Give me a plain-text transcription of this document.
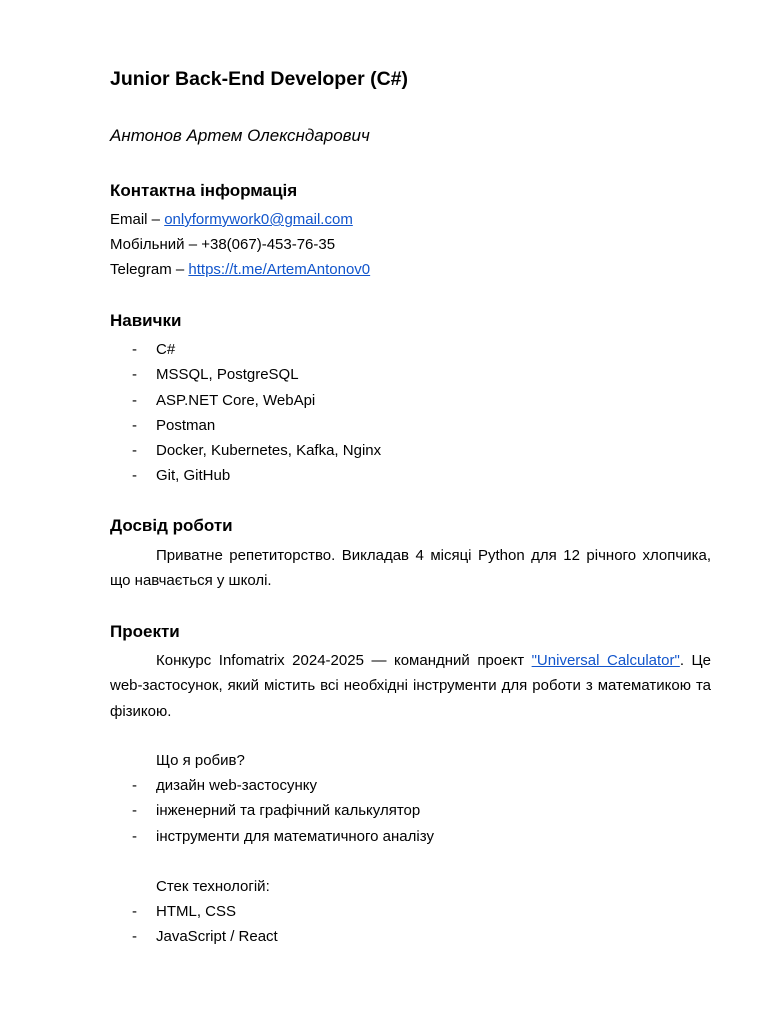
Junior Back-End Developer (C#)
Антонов Артем Олексндарович
Контактна інформація
Email – onlyformywork0@gmail.com
Мобільний – +38(067)-453-76-35
Telegram – https://t.me/ArtemAntonov0
Навички
- C#
- MSSQL, PostgreSQL
- ASP.NET Core, WebApi
- Postman
- Docker, Kubernetes, Kafka, Nginx
- Git, GitHub
Досвід роботи

Приватне репетиторство. Викладав 4 місяці Python для 12 річного хлопчика, що навчається у школі.

Проекти

Конкурс Infomatrix 2024-2025 — командний проект "Universal Calculator". Це web-застосунок, який містить всі необхідні інструменти для роботи з математикою та фізикою.

Що я робив?
- дизайн web-застосунку
- інженерний та графічний калькулятор
- інструменти для математичного аналізу
Стек технологій:
- HTML, CSS
- JavaScript / React
